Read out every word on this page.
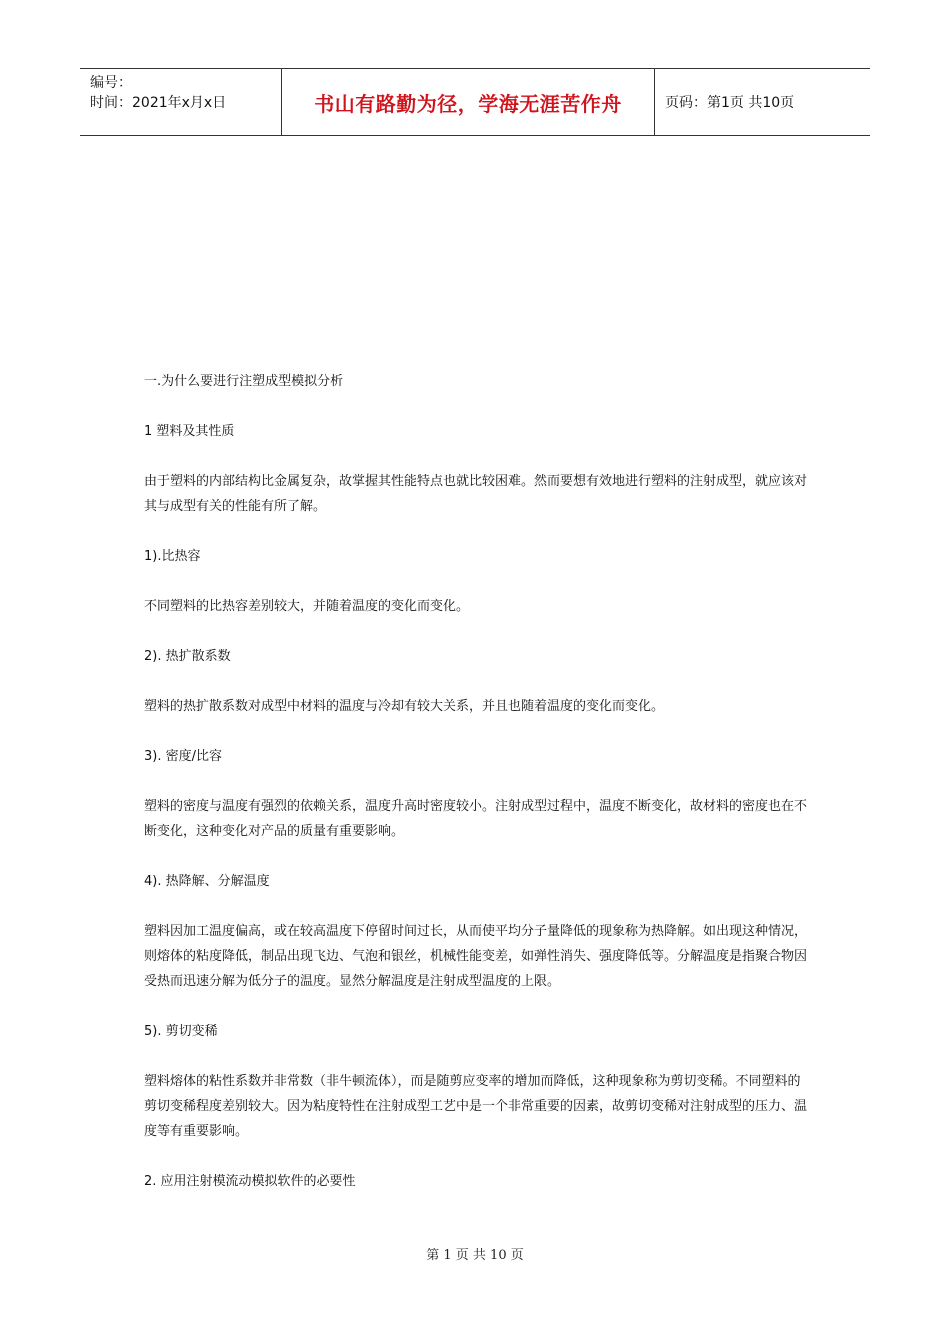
编号：
时间：2021年x月x日	书山有路勤为径，学海无涯苦作舟	页码：第1页 共10页

一.为什么要进行注塑成型模拟分析

1 塑料及其性质

由于塑料的内部结构比金属复杂，故掌握其性能特点也就比较困难。然而要想有效地进行塑料的注射成型，就应该对其与成型有关的性能有所了解。

1).比热容

不同塑料的比热容差别较大，并随着温度的变化而变化。

2). 热扩散系数

塑料的热扩散系数对成型中材料的温度与冷却有较大关系，并且也随着温度的变化而变化。

3). 密度/比容

塑料的密度与温度有强烈的依赖关系，温度升高时密度较小。注射成型过程中，温度不断变化，故材料的密度也在不断变化，这种变化对产品的质量有重要影响。

4). 热降解、分解温度

塑料因加工温度偏高，或在较高温度下停留时间过长，从而使平均分子量降低的现象称为热降解。如出现这种情况，则熔体的粘度降低，制品出现飞边、气泡和银丝，机械性能变差，如弹性消失、强度降低等。分解温度是指聚合物因受热而迅速分解为低分子的温度。显然分解温度是注射成型温度的上限。

5). 剪切变稀

塑料熔体的粘性系数并非常数（非牛顿流体），而是随剪应变率的增加而降低，这种现象称为剪切变稀。不同塑料的剪切变稀程度差别较大。因为粘度特性在注射成型工艺中是一个非常重要的因素，故剪切变稀对注射成型的压力、温度等有重要影响。

2. 应用注射模流动模拟软件的必要性

第 1 页 共 10 页
